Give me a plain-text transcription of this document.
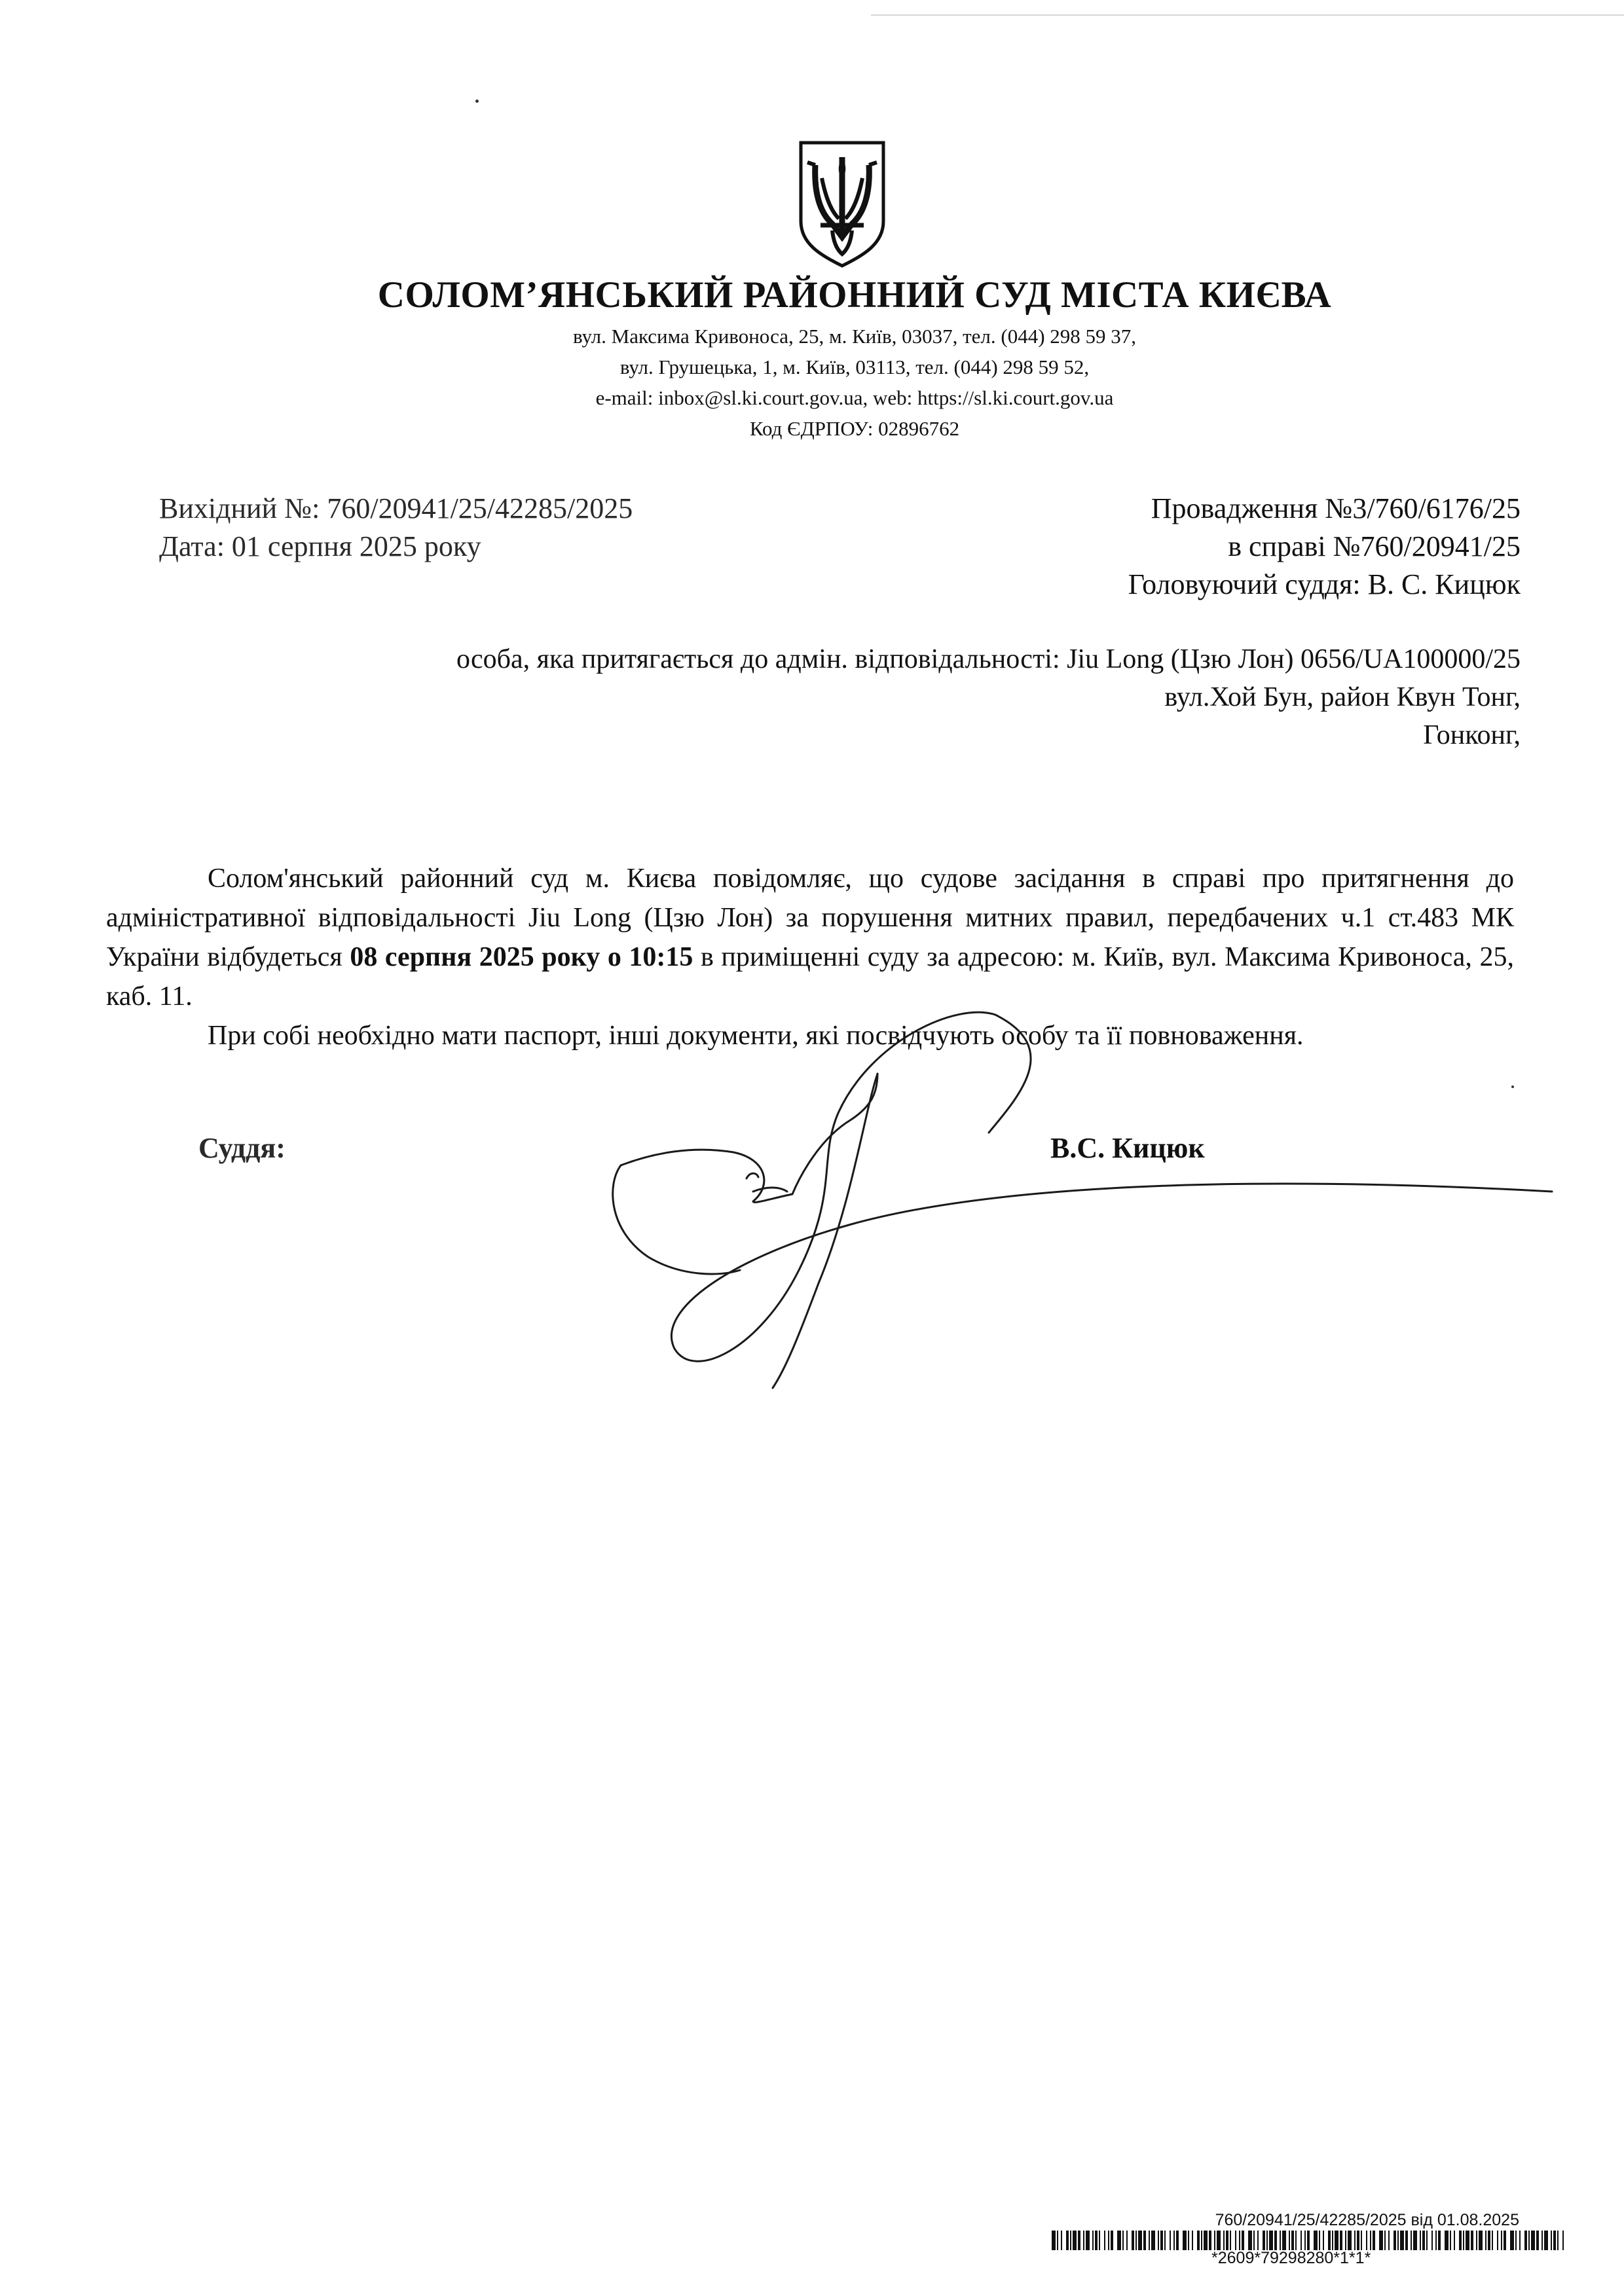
СОЛОМ’ЯНСЬКИЙ РАЙОННИЙ СУД МІСТА КИЄВА
вул. Максима Кривоноса, 25, м. Київ, 03037, тел. (044) 298 59 37,
вул. Грушецька, 1, м. Київ, 03113, тел. (044) 298 59 52,
e-mail: inbox@sl.ki.court.gov.ua, web: https://sl.ki.court.gov.ua
Код ЄДРПОУ: 02896762
Вихідний №: 760/20941/25/42285/2025
Дата: 01 серпня 2025 року
Провадження №3/760/6176/25
в справі №760/20941/25
Головуючий суддя: В. С. Кицюк
особа, яка притягається до адмін. відповідальності: Jiu Long (Цзю Лон) 0656/UA100000/25
вул.Хой Бун, район Квун Тонг,
Гонконг,

Солом'янський районний суд м. Києва повідомляє, що судове засідання в справі про притягнення до адміністративної відповідальності Jiu Long (Цзю Лон) за порушення митних правил, передбачених ч.1 ст.483 МК України відбудеться 08 серпня 2025 року о 10:15 в приміщенні суду за адресою: м. Київ, вул. Максима Кривоноса, 25, каб. 11.

При собі необхідно мати паспорт, інші документи, які посвідчують особу та її повноваження.

Суддя:	В.С. Кицюк
760/20941/25/42285/2025 від 01.08.2025
*2609*79298280*1*1*
